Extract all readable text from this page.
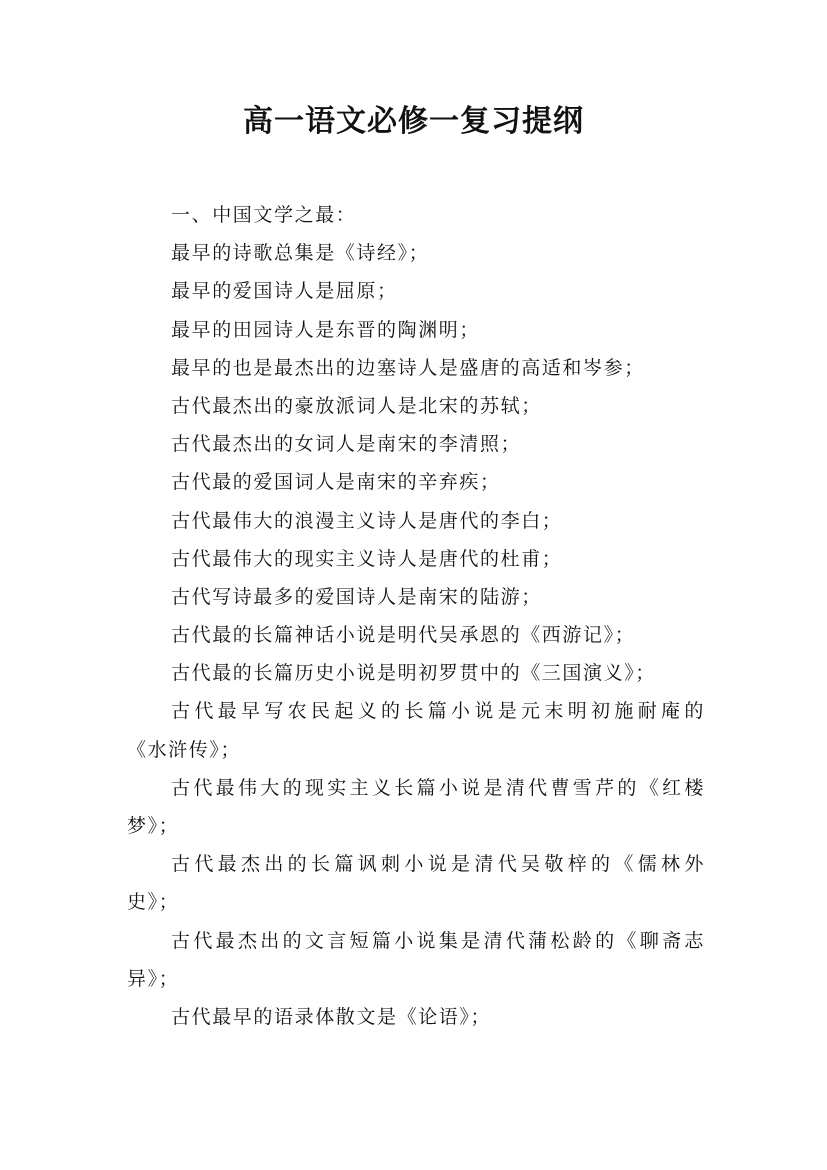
高一语文必修一复习提纲
一、中国文学之最：
最早的诗歌总集是《诗经》；
最早的爱国诗人是屈原；
最早的田园诗人是东晋的陶渊明；
最早的也是最杰出的边塞诗人是盛唐的高适和岑参；
古代最杰出的豪放派词人是北宋的苏轼；
古代最杰出的女词人是南宋的李清照；
古代最的爱国词人是南宋的辛弃疾；
古代最伟大的浪漫主义诗人是唐代的李白；
古代最伟大的现实主义诗人是唐代的杜甫；
古代写诗最多的爱国诗人是南宋的陆游；
古代最的长篇神话小说是明代吴承恩的《西游记》；
古代最的长篇历史小说是明初罗贯中的《三国演义》；
古代最早写农民起义的长篇小说是元末明初施耐庵的
《水浒传》；
古代最伟大的现实主义长篇小说是清代曹雪芹的《红楼
梦》；
古代最杰出的长篇讽刺小说是清代吴敬梓的《儒林外
史》；
古代最杰出的文言短篇小说集是清代蒲松龄的《聊斋志
异》；
古代最早的语录体散文是《论语》；
